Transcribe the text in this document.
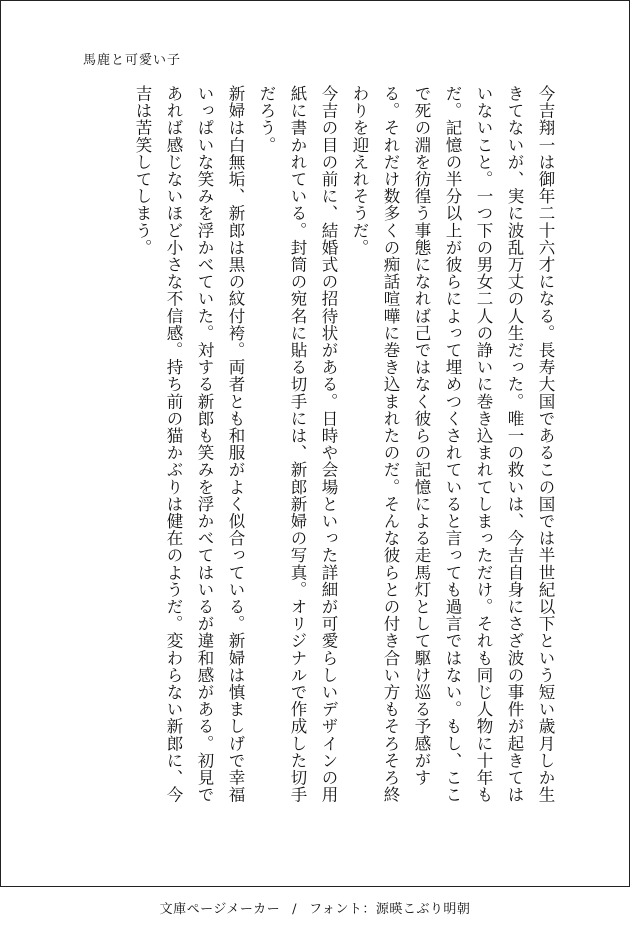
馬鹿と可愛い子

今吉翔一は御年二十六才になる。長寿大国であるこの国では半世紀以下という短い歳月しか生きてないが、実に波乱万丈の人生だった。唯一の救いは、今吉自身にさざ波の事件が起きてはいないこと。一つ下の男女二人の諍いに巻き込まれてしまっただけ。それも同じ人物に十年もだ。記憶の半分以上が彼らによって埋めつくされていると言っても過言ではない。もし、ここで死の淵を彷徨う事態になれば己ではなく彼らの記憶による走馬灯として駆け巡る予感がする。それだけ数多くの痴話喧嘩に巻き込まれたのだ。そんな彼らとの付き合い方もそろそろ終わりを迎えれそうだ。

今吉の目の前に、結婚式の招待状がある。日時や会場といった詳細が可愛らしいデザインの用紙に書かれている。封筒の宛名に貼る切手には、新郎新婦の写真。オリジナルで作成した切手だろう。

新婦は白無垢、新郎は黒の紋付袴。両者とも和服がよく似合っている。新婦は慎ましげで幸福いっぱいな笑みを浮かべていた。対する新郎も笑みを浮かべてはいるが違和感がある。初見であれば感じないほど小さな不信感。持ち前の猫かぶりは健在のようだ。変わらない新郎に、今吉は苦笑してしまう。

文庫ページメーカー / フォント：源暎こぶり明朝
